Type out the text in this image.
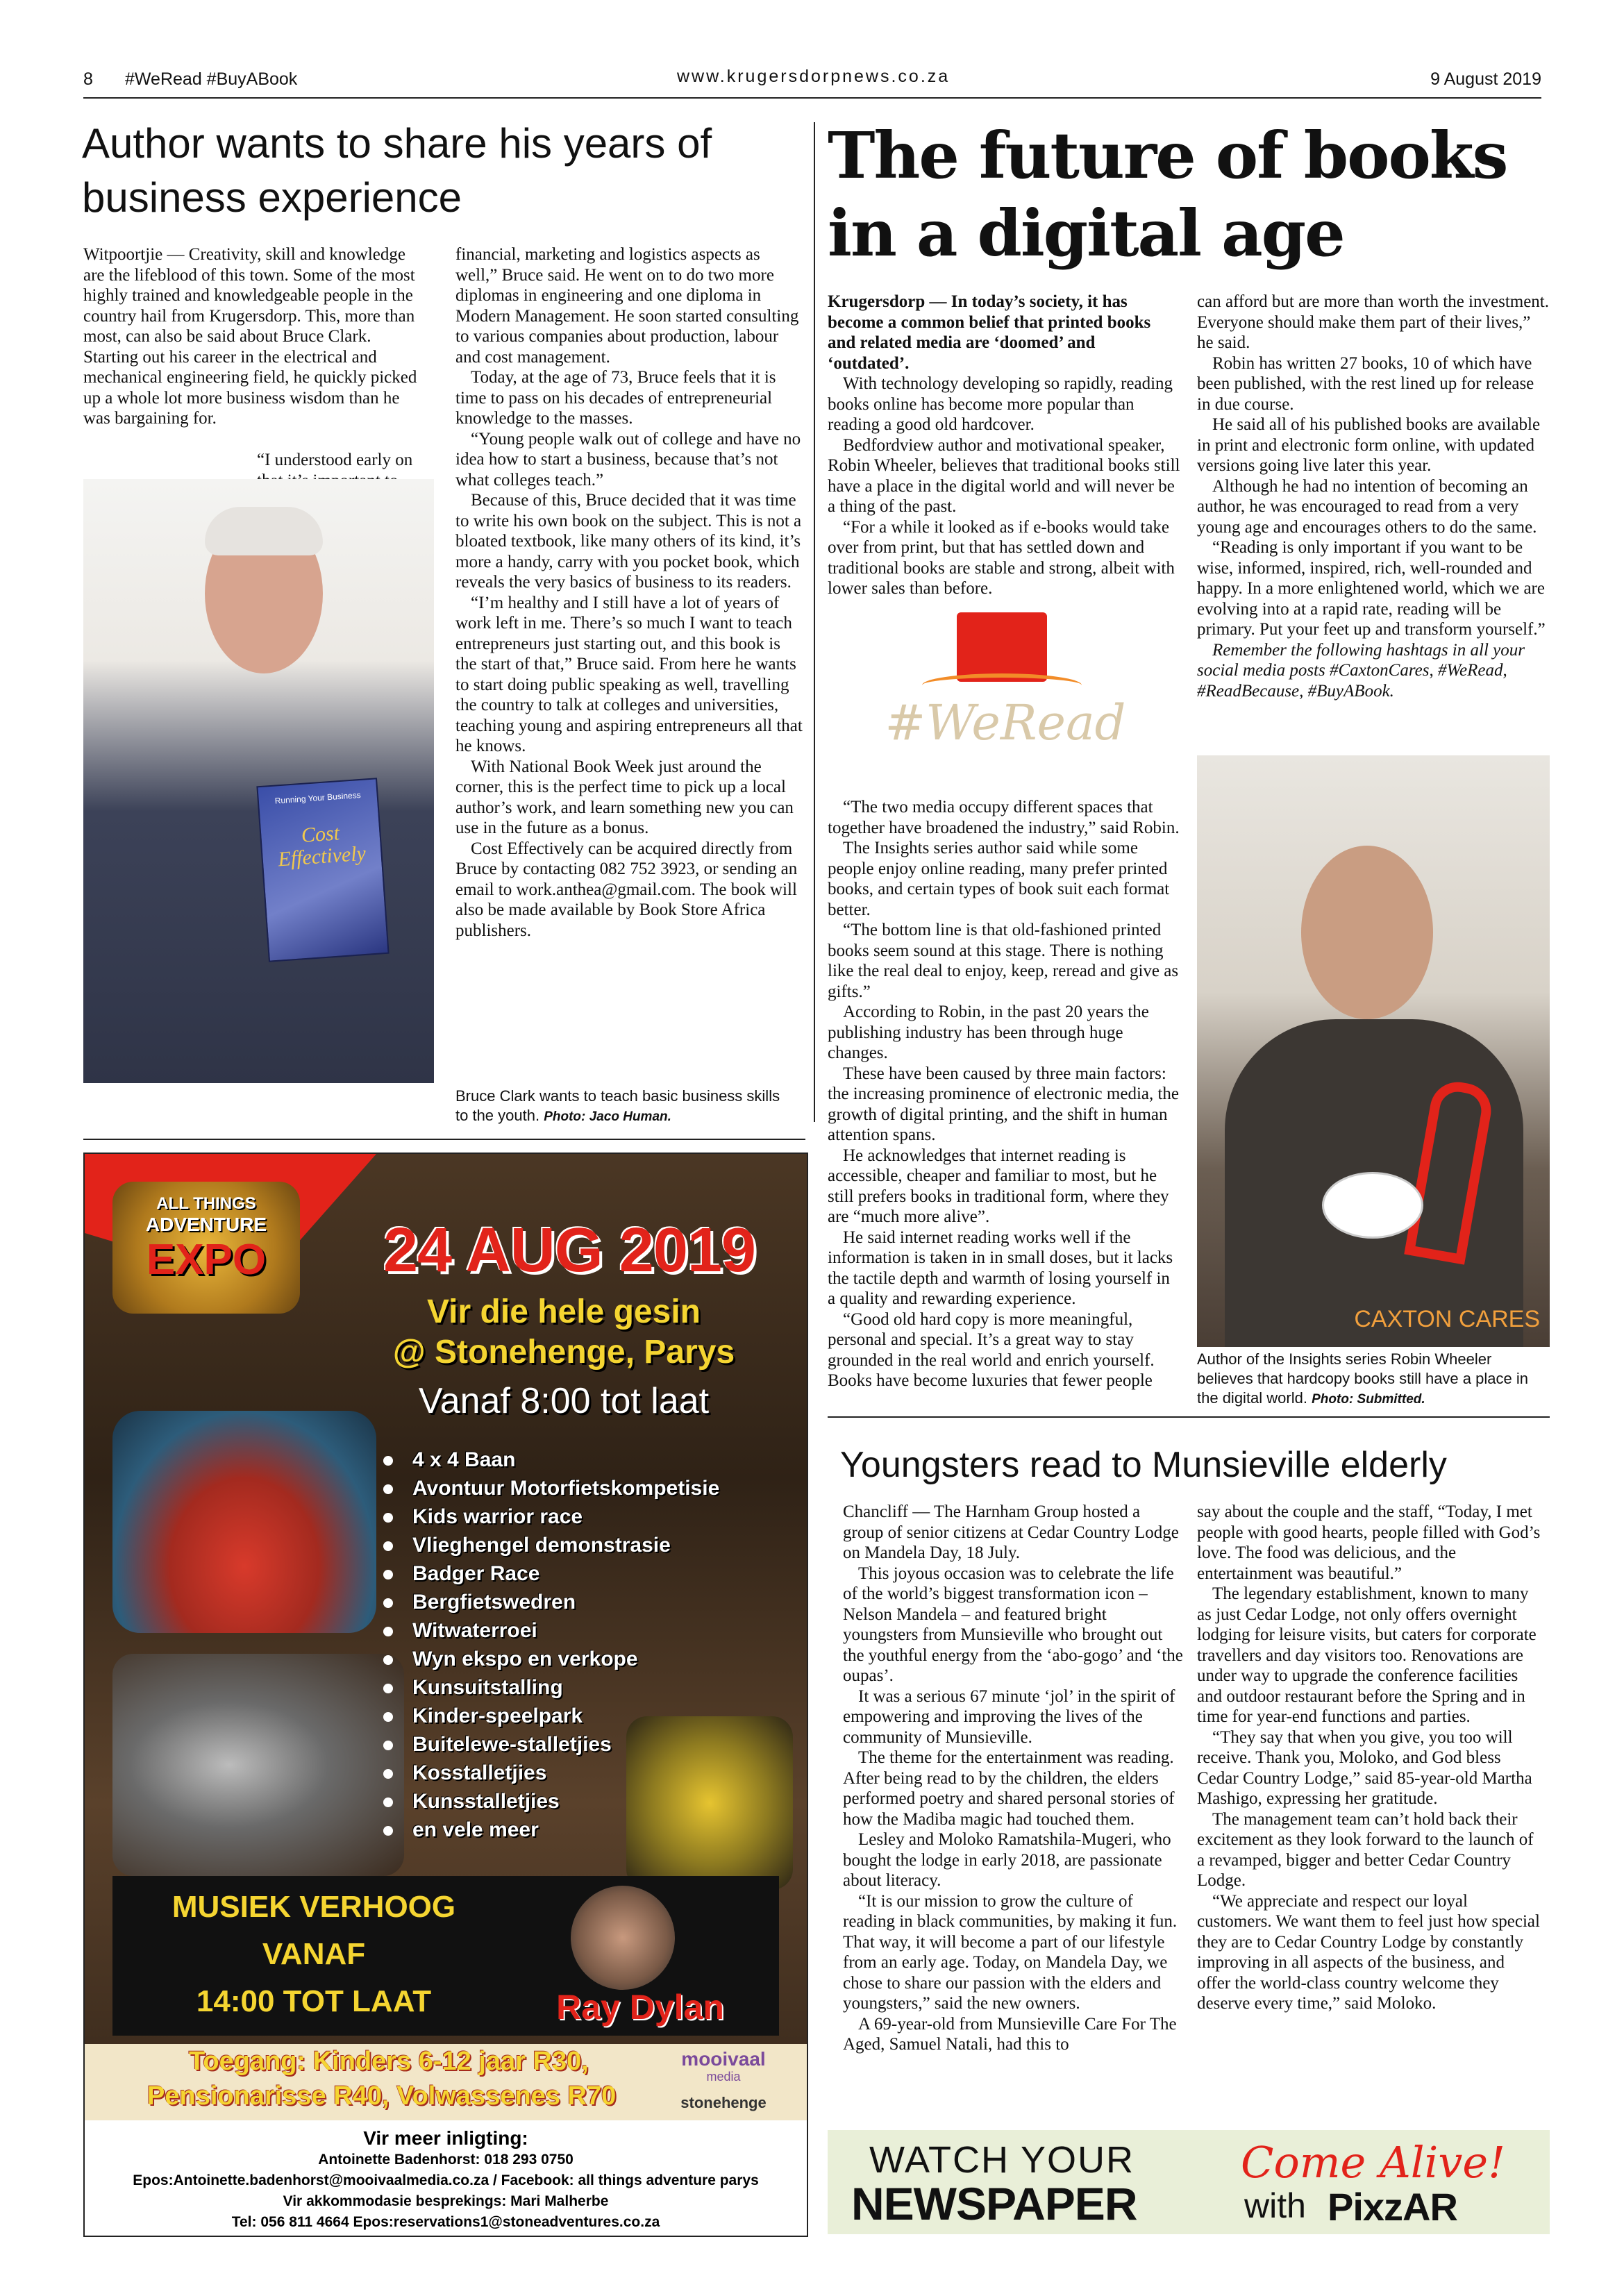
8 #WeRead #BuyABook	www.krugersdorpnews.co.za	9 August 2019
Author wants to share his years of business experience

Witpoortjie — Creativity, skill and knowledge are the lifeblood of this town. Some of the most highly trained and knowledgeable people in the country hail from Krugersdorp. This, more than most, can also be said about Bruce Clark. Starting out his career in the electrical and mechanical engineering field, he quickly picked up a whole lot more business wisdom than he was bargaining for.

“I understood early on

Running Your Business
Cost Effectively

financial, marketing and logistics aspects as well,” Bruce said. He went on to do two more diplomas in engineering and one diploma in Modern Management. He soon started consulting to various companies about production, labour and cost management.

Today, at the age of 73, Bruce feels that it is time to pass on his decades of entrepreneurial knowledge to the masses.

“Young people walk out of college and have no idea how to start a business, because that’s not what colleges teach.”

Because of this, Bruce decided that it was time to write his own book on the subject. This is not a bloated textbook, like many others of its kind, it’s more a handy, carry with you pocket book, which reveals the very basics of business to its readers.

“I’m healthy and I still have a lot of years of work left in me. There’s so much I want to teach entrepreneurs just starting out, and this book is the start of that,” Bruce said. From here he wants to start doing public speaking as well, travelling the country to talk at colleges and universities, teaching young and aspiring entrepreneurs all that he knows.

With National Book Week just around the corner, this is the perfect time to pick up a local author’s work, and learn something new you can use in the future as a bonus.

Cost Effectively can be acquired directly from Bruce by contacting 082 752 3923, or sending an email to work.anthea@gmail.com. The book will also be made available by Book Store Africa publishers.

Bruce Clark wants to teach basic business skills to the youth. Photo: Jaco Human.
The future of books in a digital age

Krugersdorp — In today’s society, it has become a common belief that printed books and related media are ‘doomed’ and ‘outdated’.

With technology developing so rapidly, reading books online has become more popular than reading a good old hardcover.

Bedfordview author and motivational speaker, Robin Wheeler, believes that traditional books still have a place in the digital world and will never be a thing of the past.

“For a while it looked as if e-books would take over from print, but that has settled down and traditional books are stable and strong, albeit with lower sales than before.

#WeRead

“The two media occupy different spaces that together have broadened the industry,” said Robin.

The Insights series author said while some people enjoy online reading, many prefer printed books, and certain types of book suit each format better.

“The bottom line is that old-fashioned printed books seem sound at this stage. There is nothing like the real deal to enjoy, keep, reread and give as gifts.”

According to Robin, in the past 20 years the publishing industry has been through huge changes.

These have been caused by three main factors: the increasing prominence of electronic media, the growth of digital printing, and the shift in human attention spans.

He acknowledges that internet reading is accessible, cheaper and familiar to most, but he still prefers books in traditional form, where they are “much more alive”.

He said internet reading works well if the information is taken in in small doses, but it lacks the tactile depth and warmth of losing yourself in a quality and rewarding experience.

“Good old hard copy is more meaningful, personal and special. It’s a great way to stay grounded in the real world and enrich yourself. Books have become luxuries that fewer people

can afford but are more than worth the investment. Everyone should make them part of their lives,” he said.

Robin has written 27 books, 10 of which have been published, with the rest lined up for release in due course.

He said all of his published books are available in print and electronic form online, with updated versions going live later this year.

Although he had no intention of becoming an author, he was encouraged to read from a very young age and encourages others to do the same.

“Reading is only important if you want to be wise, informed, inspired, rich, well-rounded and happy. In a more enlightened world, which we are evolving into at a rapid rate, reading will be primary. Put your feet up and transform yourself.”

Remember the following hashtags in all your social media posts #CaxtonCares, #WeRead, #ReadBecause, #BuyABook.

CAXTON CARES
Author of the Insights series Robin Wheeler believes that hardcopy books still have a place in the digital world. Photo: Submitted.
Youngsters read to Munsieville elderly

Chancliff — The Harnham Group hosted a group of senior citizens at Cedar Country Lodge on Mandela Day, 18 July.

This joyous occasion was to celebrate the life of the world’s biggest transformation icon – Nelson Mandela – and featured bright youngsters from Munsieville who brought out the youthful energy from the ‘abo-gogo’ and ‘the oupas’.

It was a serious 67 minute ‘jol’ in the spirit of empowering and improving the lives of the community of Munsieville.

The theme for the entertainment was reading. After being read to by the children, the elders performed poetry and shared personal stories of how the Madiba magic had touched them.

Lesley and Moloko Ramatshila-Mugeri, who bought the lodge in early 2018, are passionate about literacy.

“It is our mission to grow the culture of reading in black communities, by making it fun. That way, it will become a part of our lifestyle from an early age. Today, on Mandela Day, we chose to share our passion with the elders and youngsters,” said the new owners.

A 69-year-old from Munsieville Care For The Aged, Samuel Natali, had this to

say about the couple and the staff, “Today, I met people with good hearts, people filled with God’s love. The food was delicious, and the entertainment was beautiful.”

The legendary establishment, known to many as just Cedar Lodge, not only offers overnight lodging for leisure visits, but caters for corporate travellers and day visitors too. Renovations are under way to upgrade the conference facilities and outdoor restaurant before the Spring and in time for year-end functions and parties.

“They say that when you give, you too will receive. Thank you, Moloko, and God bless Cedar Country Lodge,” said 85-year-old Martha Mashigo, expressing her gratitude.

The management team can’t hold back their excitement as they look forward to the launch of a revamped, bigger and better Cedar Country Lodge.

“We appreciate and respect our loyal customers. We want them to feel just how special they are to Cedar Country Lodge by constantly improving in all aspects of the business, and offer the world-class country welcome they deserve every time,” said Moloko.

ALL THINGS
ADVENTURE
EXPO	24 AUG 2019
Vir die hele gesin
@ Stonehenge, Parys
Vanaf 8:00 tot laat
4 x 4 Baan
Avontuur Motorfietskompetisie
Kids warrior race
Vlieghengel demonstrasie
Badger Race
Bergfietswedren
Witwaterroei
Wyn ekspo en verkope
Kunsuitstalling
Kinder-speelpark
Buitelewe-stalletjies
Kosstalletjies
Kunsstalletjies
en vele meer
MUSIEK VERHOOG
VANAF
14:00 TOT LAAT	Ray Dylan
Toegang: Kinders 6-12 jaar R30,
Pensionarisse R40, Volwassenes R70
mooivaal
media
stonehenge
Vir meer inligting:
Antoinette Badenhorst: 018 293 0750
Epos:Antoinette.badenhorst@mooivaalmedia.co.za / Facebook: all things adventure parys
Vir akkommodasie besprekings: Mari Malherbe
Tel: 056 811 4664 Epos:reservations1@stoneadventures.co.za
WATCH YOUR
NEWSPAPER
Come Alive!
with PixzAR
